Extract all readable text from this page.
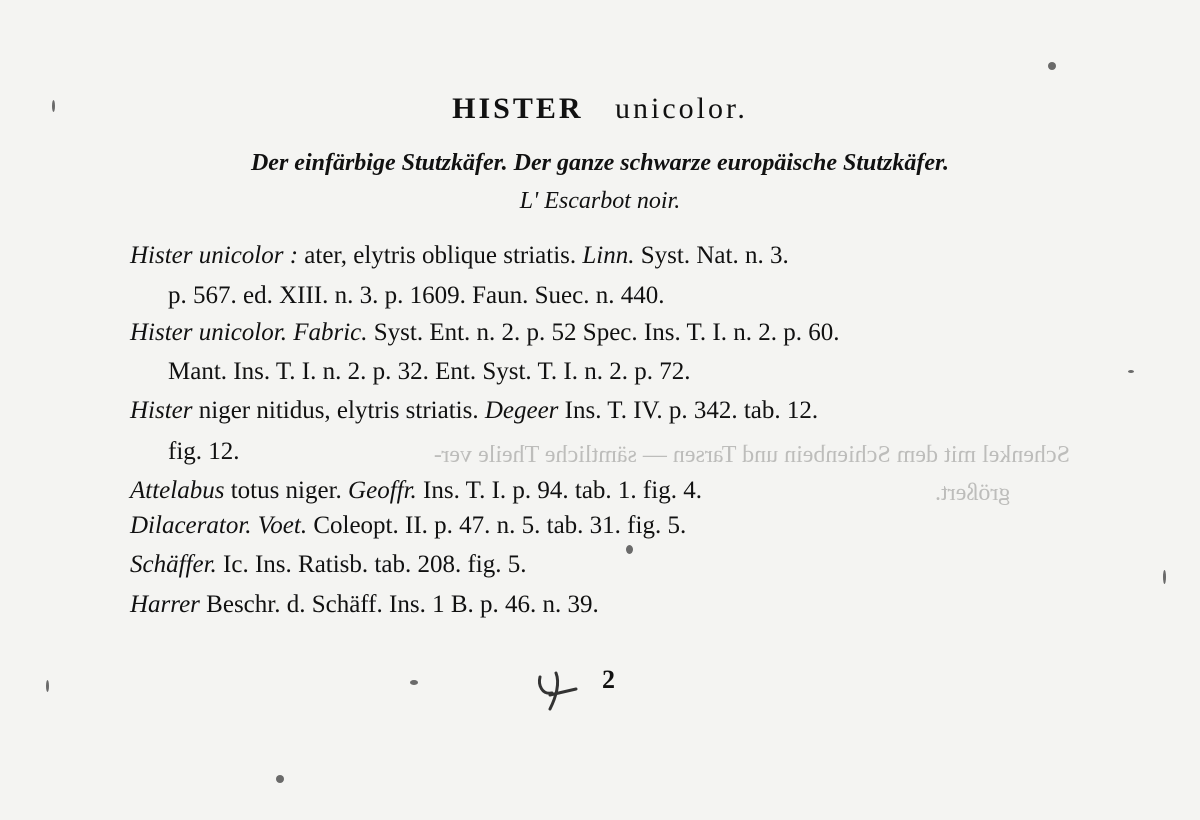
Schenkel mit dem Schienbein und Tarsen — sämtliche Theile ver-
größert.
HISTER unicolor.
Der einfärbige Stutzkäfer. Der ganze schwarze europäische Stutzkäfer.
L' Escarbot noir.
Hister unicolor : ater, elytris oblique striatis. Linn. Syst. Nat. n. 3.
p. 567. ed. XIII. n. 3. p. 1609. Faun. Suec. n. 440.
Hister unicolor. Fabric. Syst. Ent. n. 2. p. 52 Spec. Ins. T. I. n. 2. p. 60.
Mant. Ins. T. I. n. 2. p. 32. Ent. Syst. T. I. n. 2. p. 72.
Hister niger nitidus, elytris striatis. Degeer Ins. T. IV. p. 342. tab. 12.
fig. 12.
Attelabus totus niger. Geoffr. Ins. T. I. p. 94. tab. 1. fig. 4.
Dilacerator. Voet. Coleopt. II. p. 47. n. 5. tab. 31. fig. 5.
Schäffer. Ic. Ins. Ratisb. tab. 208. fig. 5.
Harrer Beschr. d. Schäff. Ins. 1 B. p. 46. n. 39.
2
